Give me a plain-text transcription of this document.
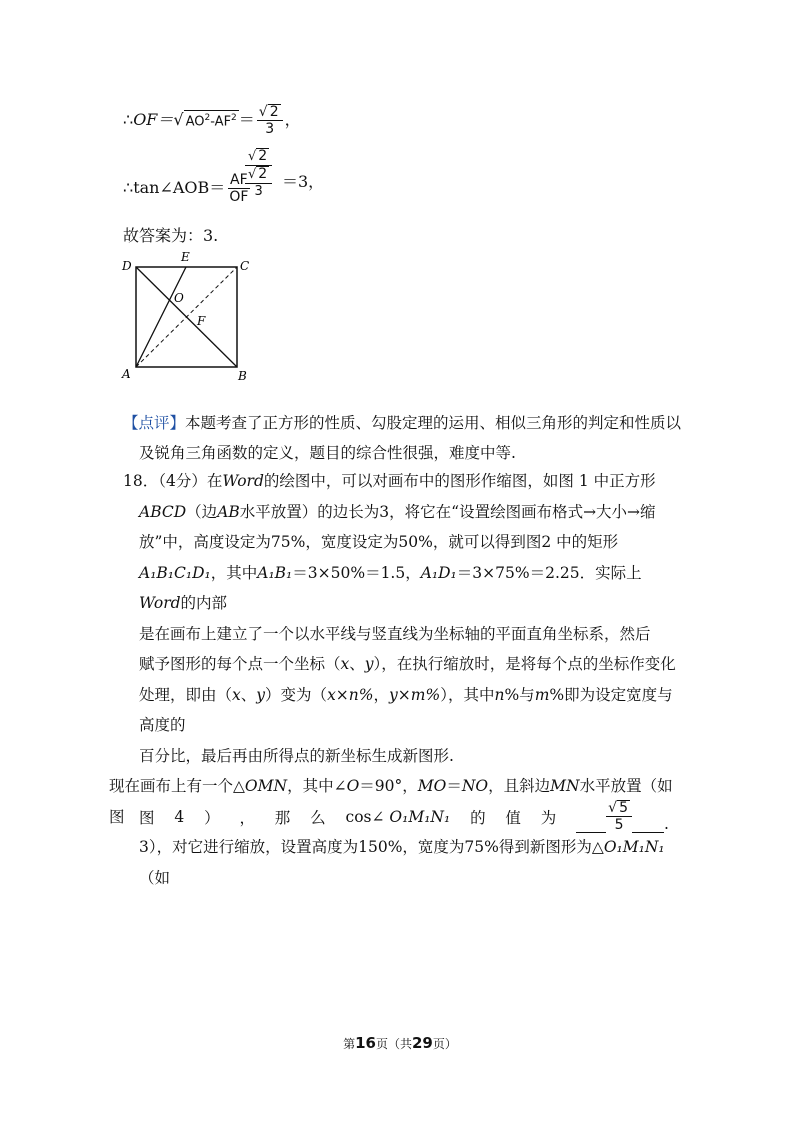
∴OF＝√ $AO^2-AF^2 = \frac{√ 2}{3}$ ，
∴tan∠AOB＝ $\frac{AF}{OF}$
√ 2
√ 2
3
＝3，
故答案为：3.
D
E
C
O
F
A	B
【点评】本题考查了正方形的性质、勾股定理的运用、相似三角形的判定和性质以
及锐角三角函数的定义，题目的综合性很强，难度中等.
18．（4分）在Word的绘图中，可以对画布中的图形作缩图，如图 1 中正方形
ABCD（边AB水平放置）的边长为3，将它在“设置绘图画布格式→大小→缩
放”中，高度设定为75%，宽度设定为50%，就可以得到图2 中的矩形
A₁B₁C₁D₁，其中A₁B₁＝3×50%＝1.5，A₁D₁＝3×75%＝2.25．实际上Word的内部
是在画布上建立了一个以水平线与竖直线为坐标轴的平面直角坐标系，然后
赋予图形的每个点一个坐标（x、y），在执行缩放时，是将每个点的坐标作变化
处理，即由（x、y）变为（x×n%，y×m%），其中n%与m%即为设定宽度与高度的
百分比，最后再由所得点的新坐标生成新图形.
现在画布上有一个△OMN，其中∠O＝90°，MO＝NO，且斜边MN水平放置（如图
3），对它进行缩放，设置高度为150%，宽度为75%得到新图形为△O₁M₁N₁（如
图 4 ） ， 那 么 cos∠ O₁M₁N₁ 的 值 为	$\frac{√ 5}{5}$ .
第16页（共29页）
